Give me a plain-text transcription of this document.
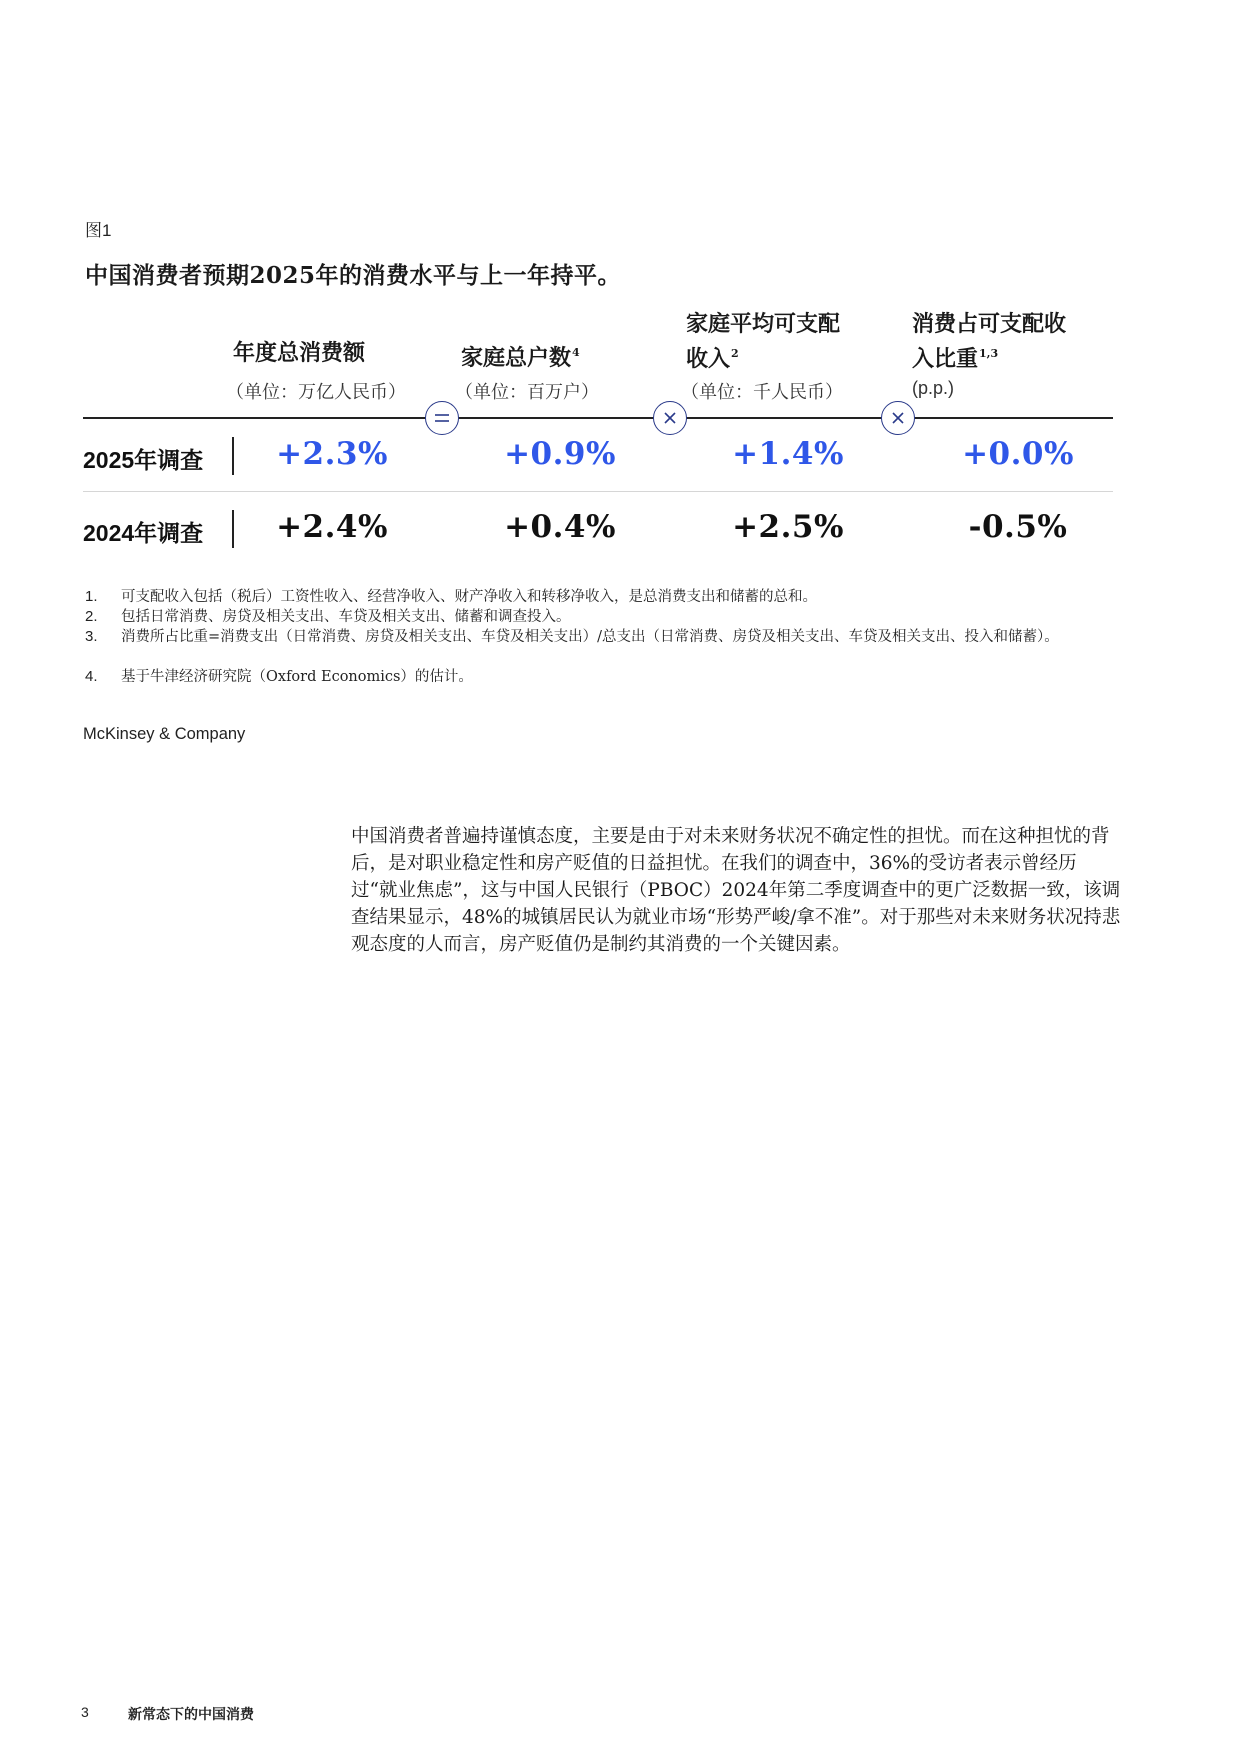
图1
中国消费者预期2025年的消费水平与上一年持平。
年度总消费额
（单位：万亿人民币）
家庭总户数$^4$
（单位：百万户）
家庭平均可支配
收入$^2$
（单位：千人民币）
消费占可支配收
入比重$^{1,3}$
(p.p.)
2025年调查	+2.3%	+0.9%	+1.4%	+0.0%
2024年调查	+2.4%	+0.4%	+2.5%	-0.5%
1. 可支配收入包括（税后）工资性收入、经营净收入、财产净收入和转移净收入，是总消费支出和储蓄的总和。
2. 包括日常消费、房贷及相关支出、车贷及相关支出、储蓄和调查投入。
3. 消费所占比重=消费支出（日常消费、房贷及相关支出、车贷及相关支出）/总支出（日常消费、房贷及相关支出、车贷及相关支出、投入和储蓄）。
4. 基于牛津经济研究院（Oxford Economics）的估计。
McKinsey & Company
中国消费者普遍持谨慎态度，主要是由于对未来财务状况不确定性的担忧。而在这种担忧的背后，是对职业稳定性和房产贬值的日益担忧。在我们的调查中，36%的受访者表示曾经历过“就业焦虑”，这与中国人民银行（PBOC）2024年第二季度调查中的更广泛数据一致，该调查结果显示，48%的城镇居民认为就业市场“形势严峻/拿不准”。对于那些对未来财务状况持悲观态度的人而言，房产贬值仍是制约其消费的一个关键因素。
3	新常态下的中国消费
